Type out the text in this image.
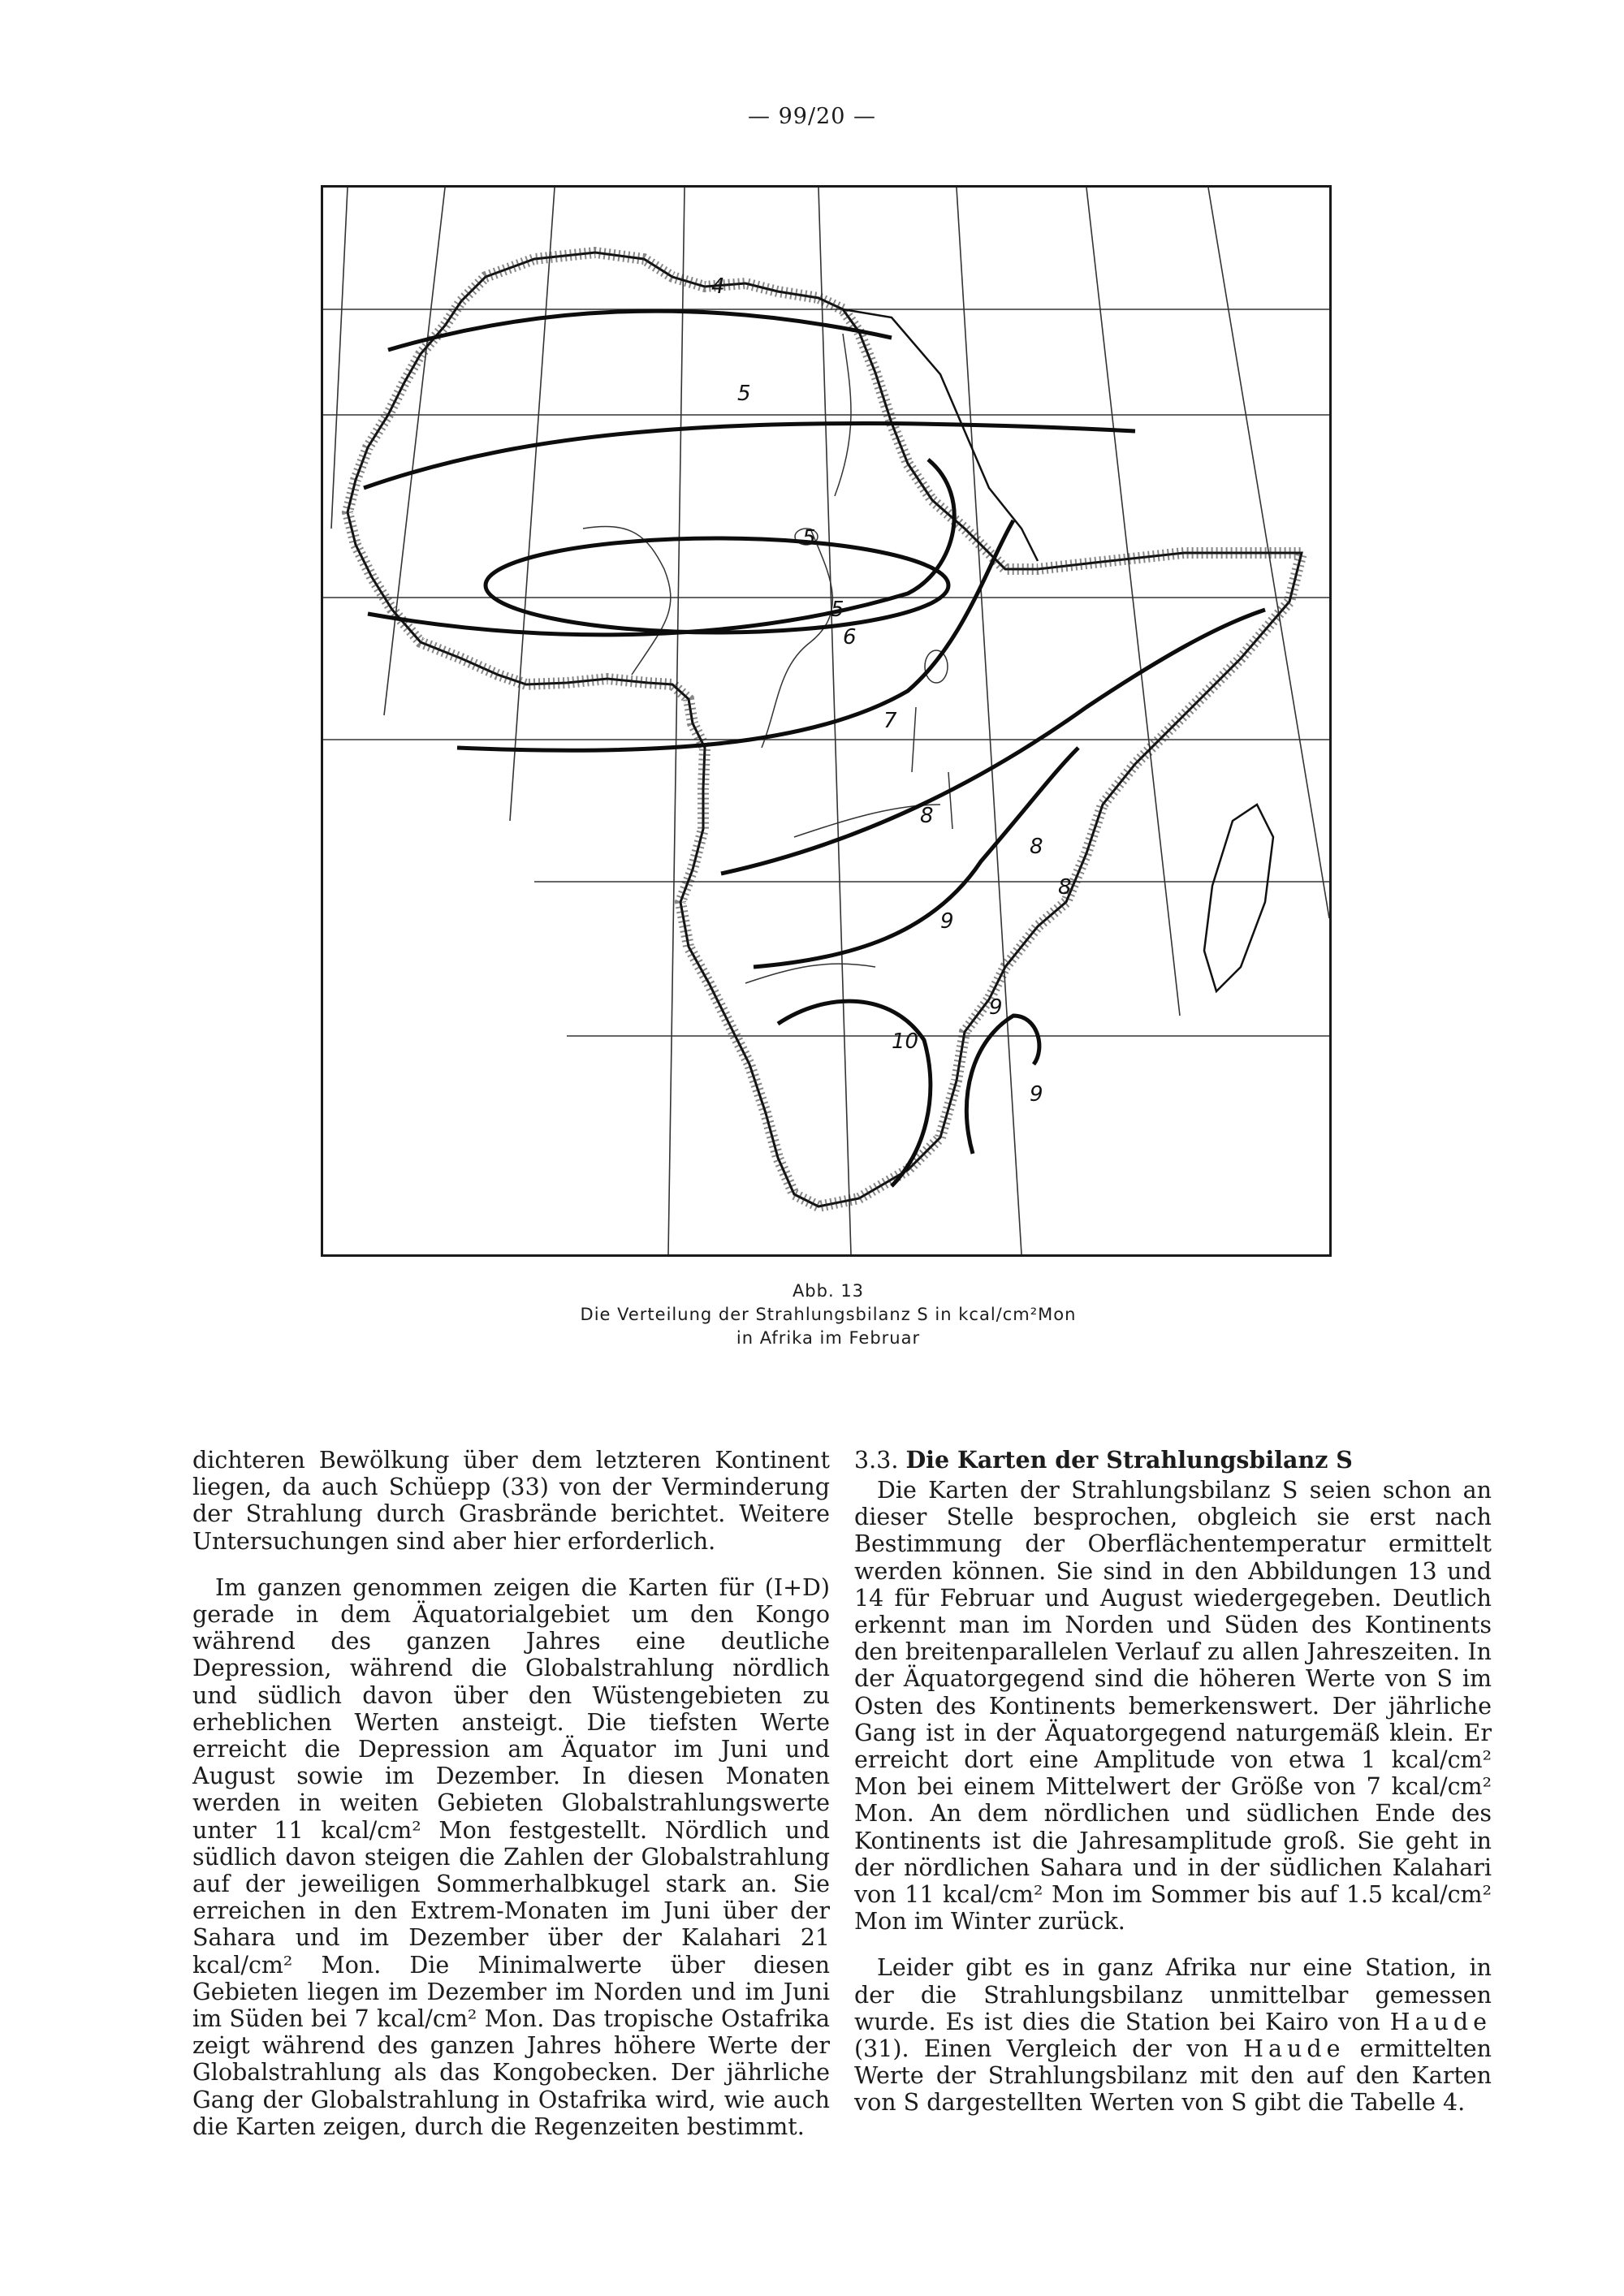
— 99/20 —
4
5
5
5
6
7
8
8
8
9
9
9
10
Abb. 13
Die Verteilung der Strahlungsbilanz S in kcal/cm²Mon
in Afrika im Februar

dichteren Bewölkung über dem letzteren Kontinent liegen, da auch Schüepp (33) von der Verminderung der Strahlung durch Grasbrände berichtet. Weitere Untersuchungen sind aber hier erforderlich.

Im ganzen genommen zeigen die Karten für (I+D) gerade in dem Äquatorialgebiet um den Kongo während des ganzen Jahres eine deutliche Depression, während die Globalstrahlung nördlich und südlich davon über den Wüstengebieten zu erheblichen Werten ansteigt. Die tiefsten Werte erreicht die Depression am Äquator im Juni und August sowie im Dezember. In diesen Monaten werden in weiten Gebieten Globalstrahlungswerte unter 11 kcal/cm² Mon festgestellt. Nördlich und südlich davon steigen die Zahlen der Globalstrahlung auf der jeweiligen Sommerhalbkugel stark an. Sie erreichen in den Extrem-Monaten im Juni über der Sahara und im Dezember über der Kalahari 21 kcal/cm² Mon. Die Minimalwerte über diesen Gebieten liegen im Dezember im Norden und im Juni im Süden bei 7 kcal/cm² Mon. Das tropische Ostafrika zeigt während des ganzen Jahres höhere Werte der Globalstrahlung als das Kongobecken. Der jährliche Gang der Globalstrahlung in Ostafrika wird, wie auch die Karten zeigen, durch die Regenzeiten bestimmt.

3.3. Die Karten der Strahlungsbilanz S

Die Karten der Strahlungsbilanz S seien schon an dieser Stelle besprochen, obgleich sie erst nach Bestimmung der Oberflächentemperatur ermittelt werden können. Sie sind in den Abbildungen 13 und 14 für Februar und August wiedergegeben. Deutlich erkennt man im Norden und Süden des Kontinents den breitenparallelen Verlauf zu allen Jahreszeiten. In der Äquatorgegend sind die höheren Werte von S im Osten des Kontinents bemerkenswert. Der jährliche Gang ist in der Äquatorgegend naturgemäß klein. Er erreicht dort eine Amplitude von etwa 1 kcal/cm² Mon bei einem Mittelwert der Größe von 7 kcal/cm² Mon. An dem nördlichen und südlichen Ende des Kontinents ist die Jahresamplitude groß. Sie geht in der nördlichen Sahara und in der südlichen Kalahari von 11 kcal/cm² Mon im Sommer bis auf 1.5 kcal/cm² Mon im Winter zurück.

Leider gibt es in ganz Afrika nur eine Station, in der die Strahlungsbilanz unmittelbar gemessen wurde. Es ist dies die Station bei Kairo von Haude (31). Einen Vergleich der von Haude ermittelten Werte der Strahlungsbilanz mit den auf den Karten von S dargestellten Werten von S gibt die Tabelle 4.
